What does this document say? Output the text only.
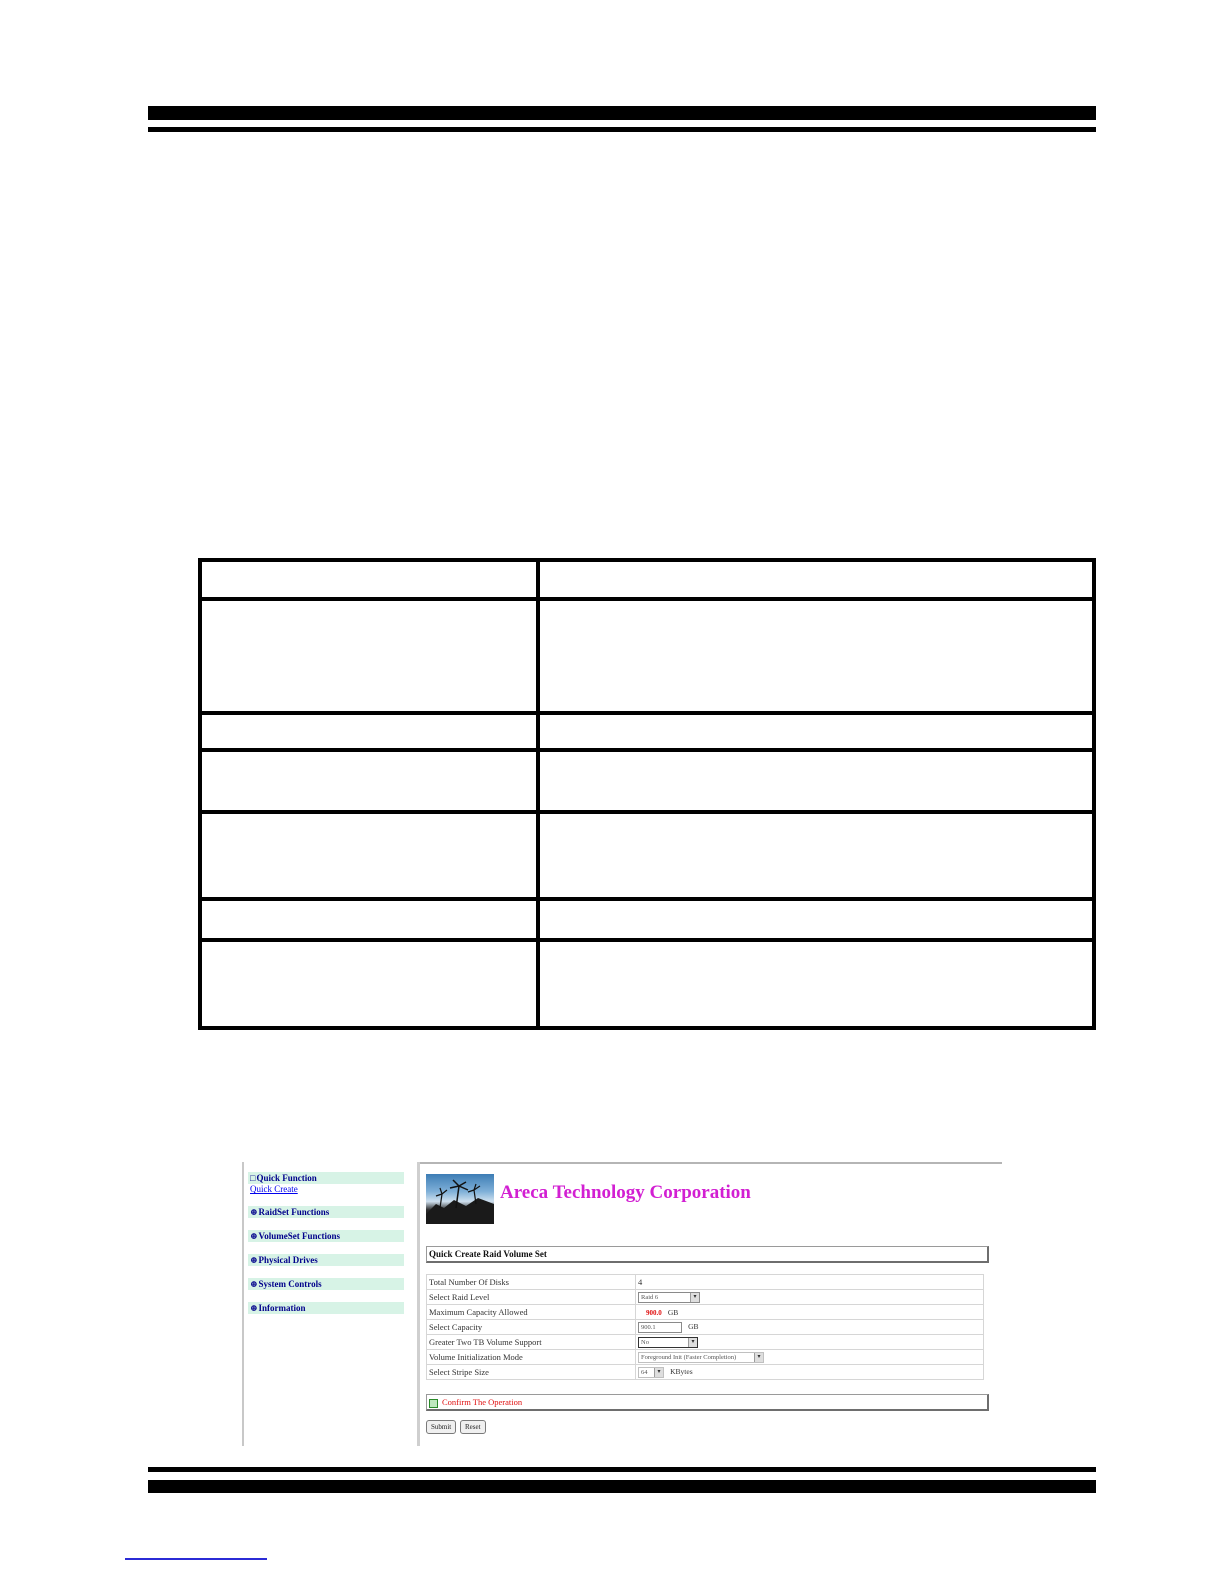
□Quick Function
Quick Create
⊕RaidSet Functions
⊕VolumeSet Functions
⊕Physical Drives
⊕System Controls
⊕Information
Areca Technology Corporation
Quick Create Raid Volume Set
Total Number Of Disks	4
Select Raid Level	Raid 6 ▾

Maximum Capacity Allowed	900.0 GB
Select Capacity	900.1 GB
Greater Two TB Volume Support	No ▾

Volume Initialization Mode	Foreground Init (Faster Completion) ▾

Select Stripe Size	64 ▾ KBytes
Confirm The Operation
Submit	Reset
